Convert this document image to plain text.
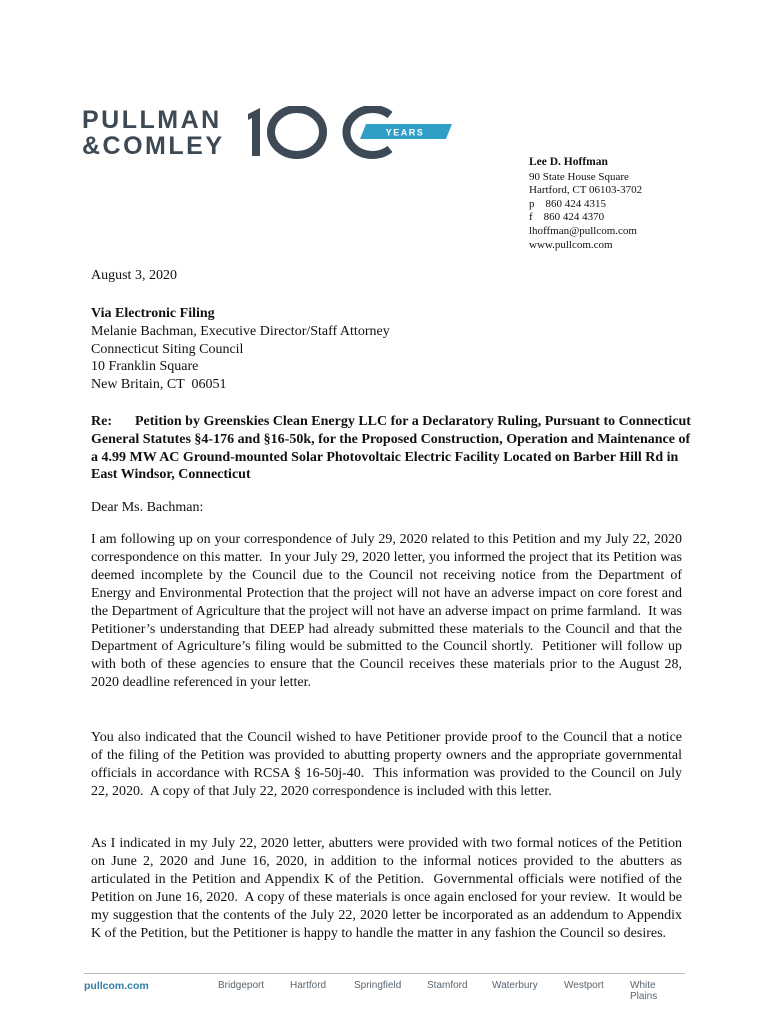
PULLMAN
&COMLEY	YEARS
Lee D. Hoffman
90 State House Square
Hartford, CT 06103-3702
p    860 424 4315
f    860 424 4370
lhoffman@pullcom.com
www.pullcom.com
August 3, 2020
Via Electronic Filing
Melanie Bachman, Executive Director/Staff Attorney
Connecticut Siting Council
10 Franklin Square
New Britain, CT  06051
Re: Petition by Greenskies Clean Energy LLC for a Declaratory Ruling, Pursuant to Connecticut General Statutes §4-176 and §16-50k, for the Proposed Construction, Operation and Maintenance of a 4.99 MW AC Ground-mounted Solar Photovoltaic Electric Facility Located on Barber Hill Rd in East Windsor, Connecticut
Dear Ms. Bachman:
I am following up on your correspondence of July 29, 2020 related to this Petition and my July 22, 2020 correspondence on this matter.  In your July 29, 2020 letter, you informed the project that its Petition was deemed incomplete by the Council due to the Council not receiving notice from the Department of Energy and Environmental Protection that the project will not have an adverse impact on core forest and the Department of Agriculture that the project will not have an adverse impact on prime farmland.  It was Petitioner’s understanding that DEEP had already submitted these materials to the Council and that the Department of Agriculture’s filing would be submitted to the Council shortly.  Petitioner will follow up with both of these agencies to ensure that the Council receives these materials prior to the August 28, 2020 deadline referenced in your letter.
You also indicated that the Council wished to have Petitioner provide proof to the Council that a notice of the filing of the Petition was provided to abutting property owners and the appropriate governmental officials in accordance with RCSA § 16-50j-40.  This information was provided to the Council on July 22, 2020.  A copy of that July 22, 2020 correspondence is included with this letter.
As I indicated in my July 22, 2020 letter, abutters were provided with two formal notices of the Petition on June 2, 2020 and June 16, 2020, in addition to the informal notices provided to the abutters as articulated in the Petition and Appendix K of the Petition.  Governmental officials were notified of the Petition on June 16, 2020.  A copy of these materials is once again enclosed for your review.  It would be my suggestion that the contents of the July 22, 2020 letter be incorporated as an addendum to Appendix K of the Petition, but the Petitioner is happy to handle the matter in any fashion the Council so desires.
pullcom.com	Bridgeport	Hartford	Springfield	Stamford Waterbury	Westport	White Plains
